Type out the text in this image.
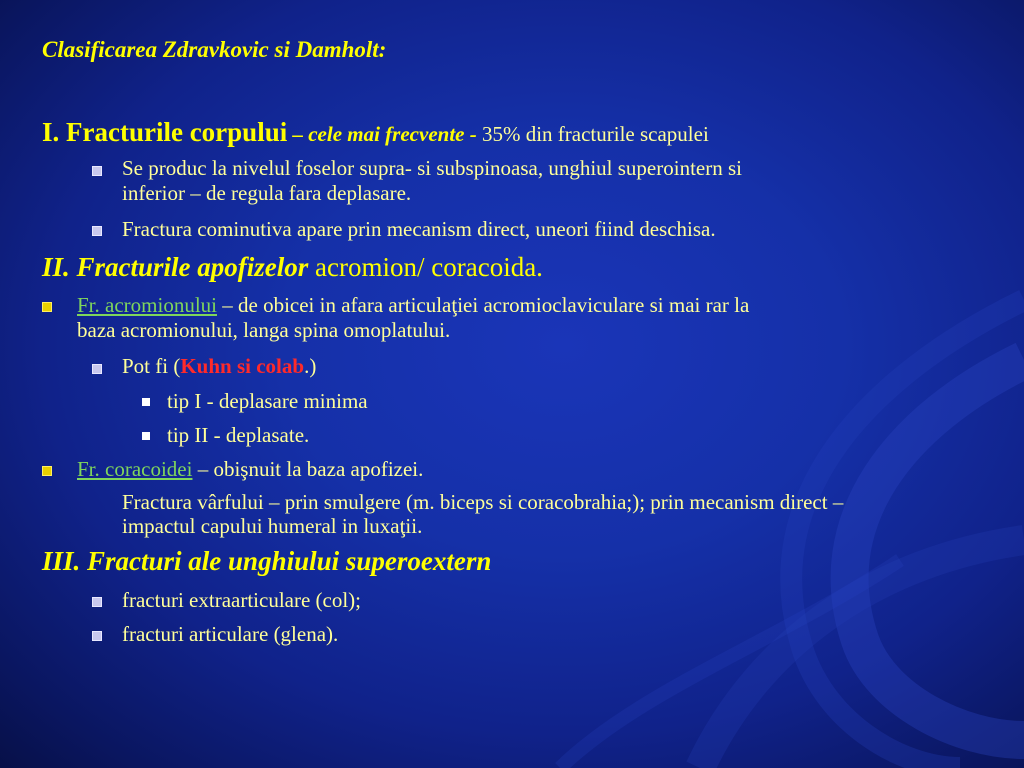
Clasificarea Zdravkovic si Damholt:
I. Fracturile corpului – cele mai frecvente - 35% din fracturile scapulei
Se produc la nivelul foselor supra- si subspinoasa, unghiul superointern si
inferior – de regula fara deplasare.
Fractura cominutiva apare prin mecanism direct, uneori fiind deschisa.
II. Fracturile apofizelor acromion/ coracoida.
Fr. acromionului – de obicei in afara articulaţiei acromioclaviculare si mai rar la
baza acromionului, langa spina omoplatului.
Pot fi (Kuhn si colab.)
tip I - deplasare minima
tip II - deplasate.
Fr. coracoidei – obişnuit la baza apofizei.
Fractura vârfului – prin smulgere (m. biceps si coracobrahia;); prin mecanism direct –
impactul capului humeral in luxaţii.
III. Fracturi ale unghiului superoextern
fracturi extraarticulare (col);
fracturi articulare (glena).
